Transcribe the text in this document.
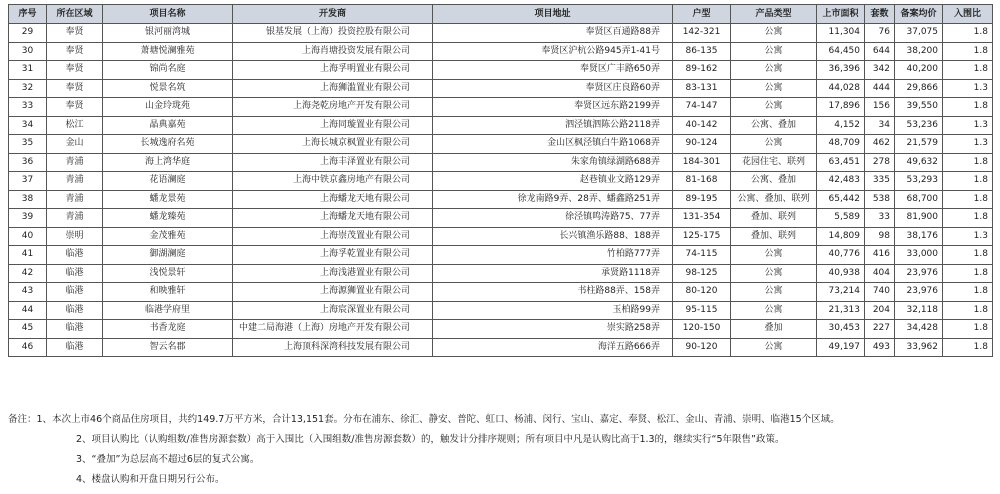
序号	所在区域	项目名称	开发商	项目地址	户型	产品类型	上市面积	套数	备案均价	入围比
29	奉贤	银河丽湾城	银基发展（上海）投资控股有限公司	奉贤区百通路88弄	142-321	公寓	11,304	76	37,075	1.8
30	奉贤	萧塘悦澜雅苑	上海肖塘投资发展有限公司	奉贤区沪杭公路945弄1-41号	86-135	公寓	64,450	644	38,200	1.8
31	奉贤	锦尚名庭	上海孚明置业有限公司	奉贤区广丰路650弄	89-162	公寓	36,396	342	40,200	1.8
32	奉贤	悦景名筑	上海狮滥置业有限公司	奉贤区庄良路60弄	83-131	公寓	44,028	444	29,866	1.3
33	奉贤	山金玲珑苑	上海尧乾房地产开发有限公司	奉贤区远东路2199弄	74-147	公寓	17,896	156	39,550	1.8
34	松江	晶典嘉苑	上海同璇置业有限公司	泗泾镇泗陈公路2118弄	40-142	公寓、叠加	4,152	34	53,236	1.3
35	金山	长城逸府名苑	上海长城京枫置业有限公司	金山区枫泾镇白牛路1068弄	90-124	公寓	48,709	462	21,579	1.3
36	青浦	海上湾华庭	上海丰泽置业有限公司	朱家角镇绿湖路688弄	184-301	花园住宅、联列	63,451	278	49,632	1.8
37	青浦	花语澜庭	上海中铁京鑫房地产有限公司	赵巷镇业文路129弄	81-168	公寓、叠加	42,483	335	53,293	1.8
38	青浦	蟠龙景苑	上海蟠龙天地有限公司	徐龙南路9弄、28弄、蟠鑫路251弄	89-195	公寓、叠加、联列	65,442	538	68,700	1.8
39	青浦	蟠龙臻苑	上海蟠龙天地有限公司	徐泾镇鸣涛路75、77弄	131-354	叠加、联列	5,589	33	81,900	1.8
40	崇明	金茂雅苑	上海崇茂置业有限公司	长兴镇渔乐路88、188弄	125-175	叠加、联列	14,809	98	38,176	1.3
41	临港	御湖澜庭	上海孚乾置业有限公司	竹柏路777弄	74-115	公寓	40,776	416	33,000	1.8
42	临港	浅悦景轩	上海浅港置业有限公司	承贤路1118弄	98-125	公寓	40,938	404	23,976	1.8
43	临港	和映雅轩	上海源狮置业有限公司	书柱路88弄、158弄	80-120	公寓	73,214	740	23,976	1.8
44	临港	临港学府里	上海宸深置业有限公司	玉柏路99弄	95-115	公寓	21,313	204	32,118	1.8
45	临港	书香龙庭	中建二局海港（上海）房地产开发有限公司	崇实路258弄	120-150	叠加	30,453	227	34,428	1.8
46	临港	智云名郡	上海顶科深湾科技发展有限公司	海洋五路666弄	90-120	公寓	49,197	493	33,962	1.8
备注：1、本次上市46个商品住房项目，共约149.7万平方米，合计13,151套。分布在浦东、徐汇、静安、普陀、虹口、杨浦、闵行、宝山、嘉定、奉贤、松江、金山、青浦、崇明、临港15个区域。
2、项目认购比（认购组数/准售房源套数）高于入围比（入围组数/准售房源套数）的，触发计分排序规则；所有项目中凡是认购比高于1.3的，继续实行“5年限售”政策。
3、“叠加”为总层高不超过6层的复式公寓。
4、楼盘认购和开盘日期另行公布。
